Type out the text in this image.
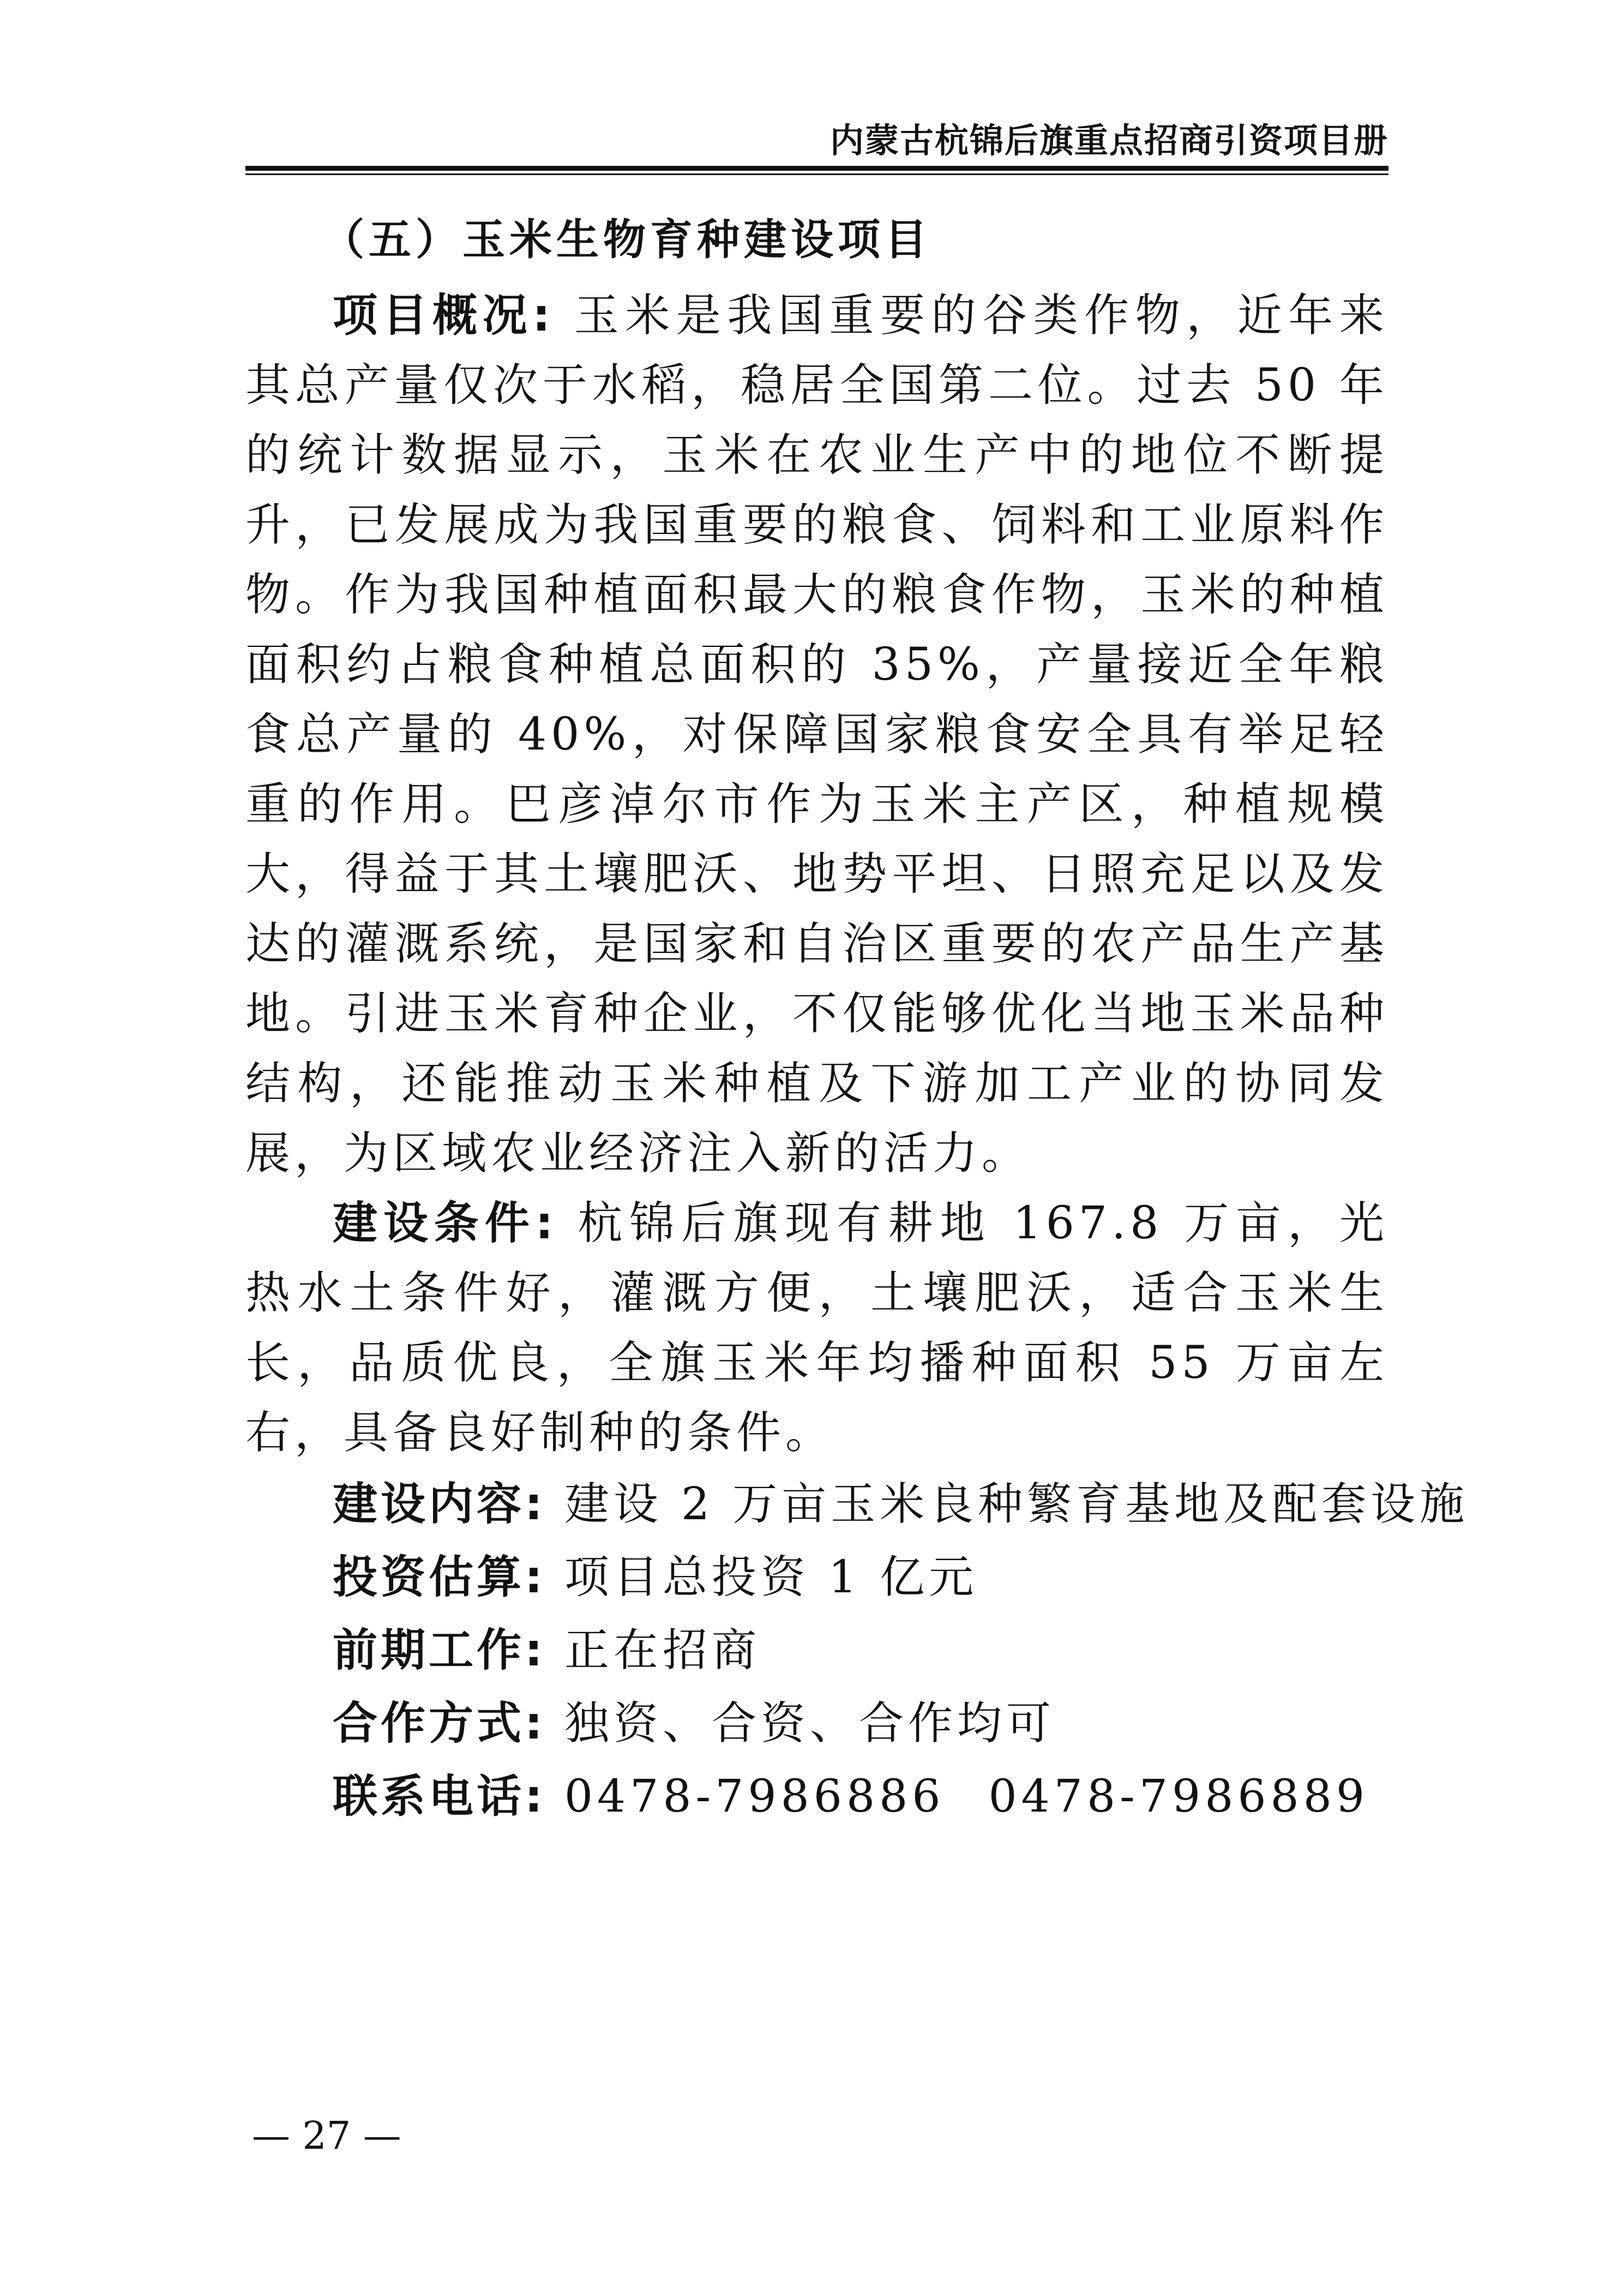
内蒙古杭锦后旗重点招商引资项目册
（五）玉米生物育种建设项目

项目概况: 玉米是我国重要的谷类作物，近年来其总产量仅次于水稻，稳居全国第二位。过去 50 年的统计数据显示，玉米在农业生产中的地位不断提升，已发展成为我国重要的粮食、饲料和工业原料作物。作为我国种植面积最大的粮食作物，玉米的种植面积约占粮食种植总面积的 35%，产量接近全年粮食总产量的 40%，对保障国家粮食安全具有举足轻重的作用。巴彦淖尔市作为玉米主产区，种植规模大，得益于其土壤肥沃、地势平坦、日照充足以及发达的灌溉系统，是国家和自治区重要的农产品生产基地。引进玉米育种企业，不仅能够优化当地玉米品种结构，还能推动玉米种植及下游加工产业的协同发展，为区域农业经济注入新的活力。

建设条件: 杭锦后旗现有耕地 167.8 万亩，光热水土条件好，灌溉方便，土壤肥沃，适合玉米生长，品质优良，全旗玉米年均播种面积 55 万亩左右，具备良好制种的条件。

建设内容: 建设 2 万亩玉米良种繁育基地及配套设施

投资估算: 项目总投资 1 亿元

前期工作: 正在招商

合作方式: 独资、合资、合作均可

联系电话: 0478-7986886 0478-7986889

— 27 —
